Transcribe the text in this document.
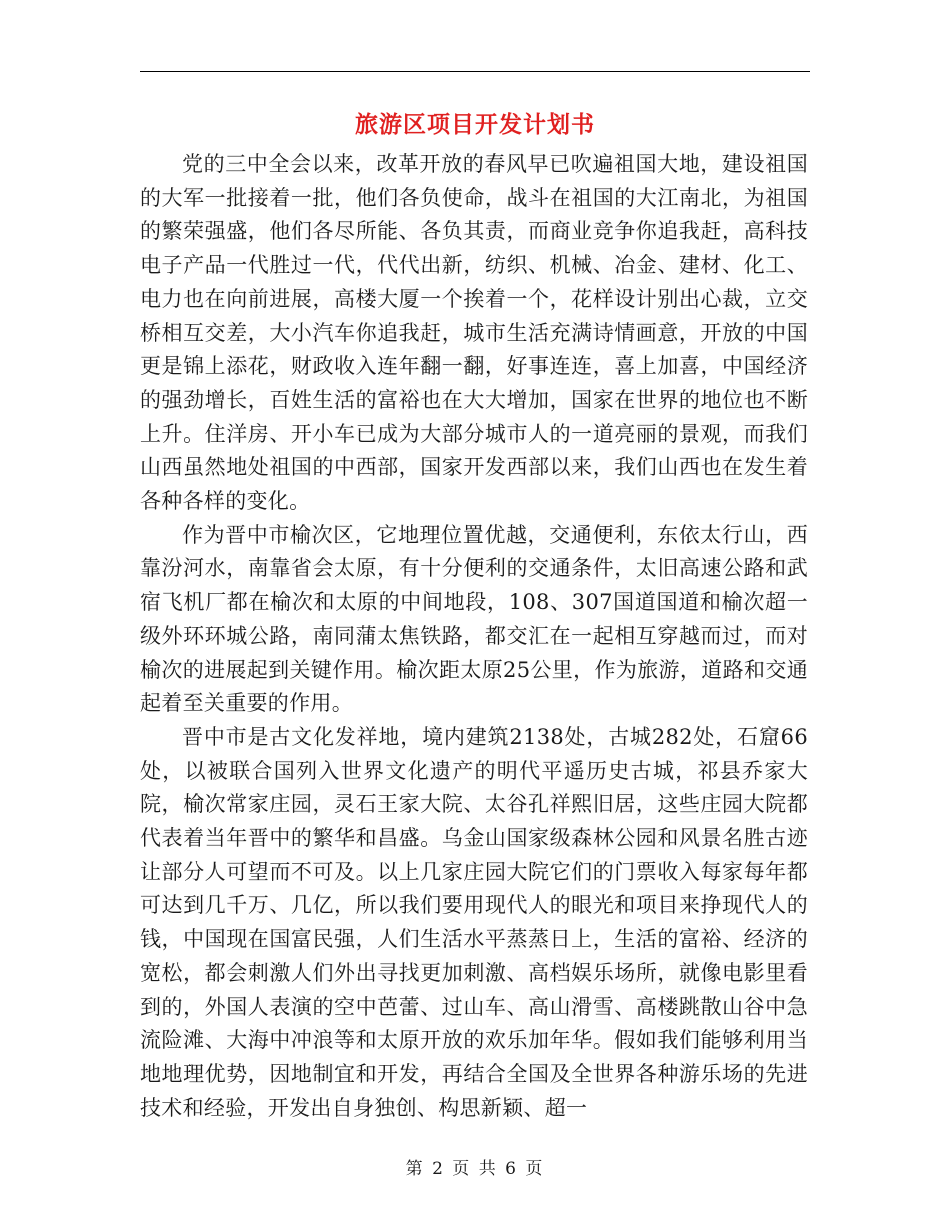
旅游区项目开发计划书

党的三中全会以来，改革开放的春风早已吹遍祖国大地，建设祖国的大军一批接着一批，他们各负使命，战斗在祖国的大江南北，为祖国的繁荣强盛，他们各尽所能、各负其责，而商业竞争你追我赶，高科技电子产品一代胜过一代，代代出新，纺织、机械、冶金、建材、化工、电力也在向前进展，高楼大厦一个挨着一个，花样设计别出心裁，立交桥相互交差，大小汽车你追我赶，城市生活充满诗情画意，开放的中国更是锦上添花，财政收入连年翻一翻，好事连连，喜上加喜，中国经济的强劲增长，百姓生活的富裕也在大大增加，国家在世界的地位也不断上升。住洋房、开小车已成为大部分城市人的一道亮丽的景观，而我们山西虽然地处祖国的中西部，国家开发西部以来，我们山西也在发生着各种各样的变化。

作为晋中市榆次区，它地理位置优越，交通便利，东依太行山，西靠汾河水，南靠省会太原，有十分便利的交通条件，太旧高速公路和武宿飞机厂都在榆次和太原的中间地段，108、307国道国道和榆次超一级外环环城公路，南同蒲太焦铁路，都交汇在一起相互穿越而过，而对榆次的进展起到关键作用。榆次距太原25公里，作为旅游，道路和交通起着至关重要的作用。

晋中市是古文化发祥地，境内建筑2138处，古城282处，石窟66处，以被联合国列入世界文化遗产的明代平遥历史古城，祁县乔家大院，榆次常家庄园，灵石王家大院、太谷孔祥熙旧居，这些庄园大院都代表着当年晋中的繁华和昌盛。乌金山国家级森林公园和风景名胜古迹让部分人可望而不可及。以上几家庄园大院它们的门票收入每家每年都可达到几千万、几亿，所以我们要用现代人的眼光和项目来挣现代人的钱，中国现在国富民强，人们生活水平蒸蒸日上，生活的富裕、经济的宽松，都会刺激人们外出寻找更加刺激、高档娱乐场所，就像电影里看到的，外国人表演的空中芭蕾、过山车、高山滑雪、高楼跳散山谷中急流险滩、大海中冲浪等和太原开放的欢乐加年华。假如我们能够利用当地地理优势，因地制宜和开发，再结合全国及全世界各种游乐场的先进技术和经验，开发出自身独创、构思新颖、超一

第 2 页 共 6 页
